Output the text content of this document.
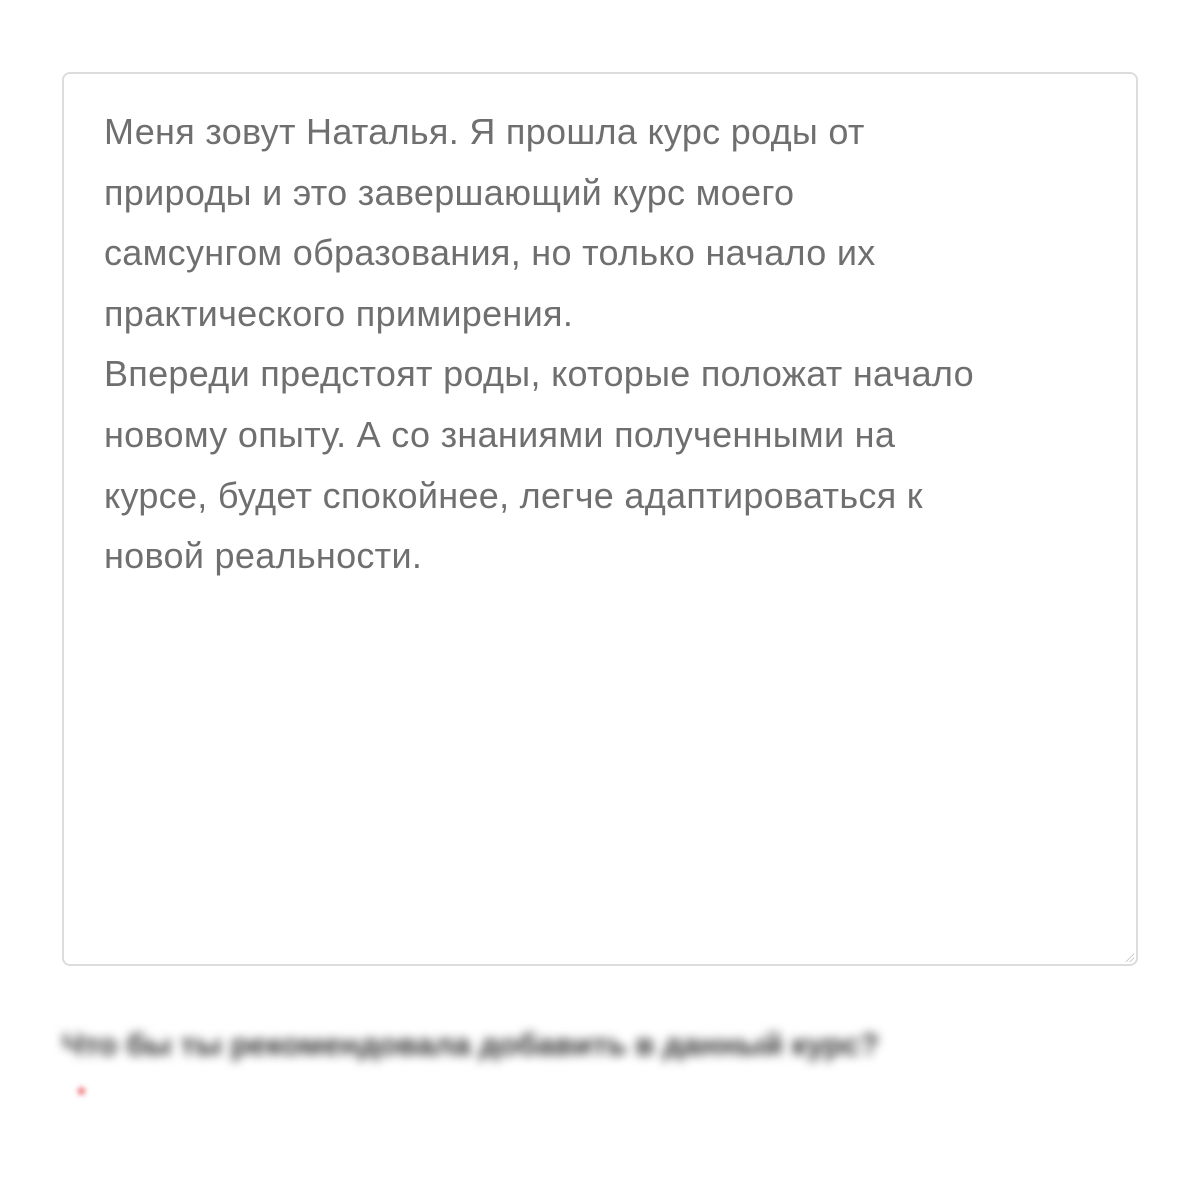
Меня зовут Наталья. Я прошла курс роды от
природы и это завершающий курс моего
самсунгом образования, но только начало их
практического примирения.
Впереди предстоят роды, которые положат начало
новому опыту. А со знаниями полученными на
курсе, будет спокойнее, легче адаптироваться к
новой реальности.

Что бы ты рекомендовала добавить в данный курс?

*
